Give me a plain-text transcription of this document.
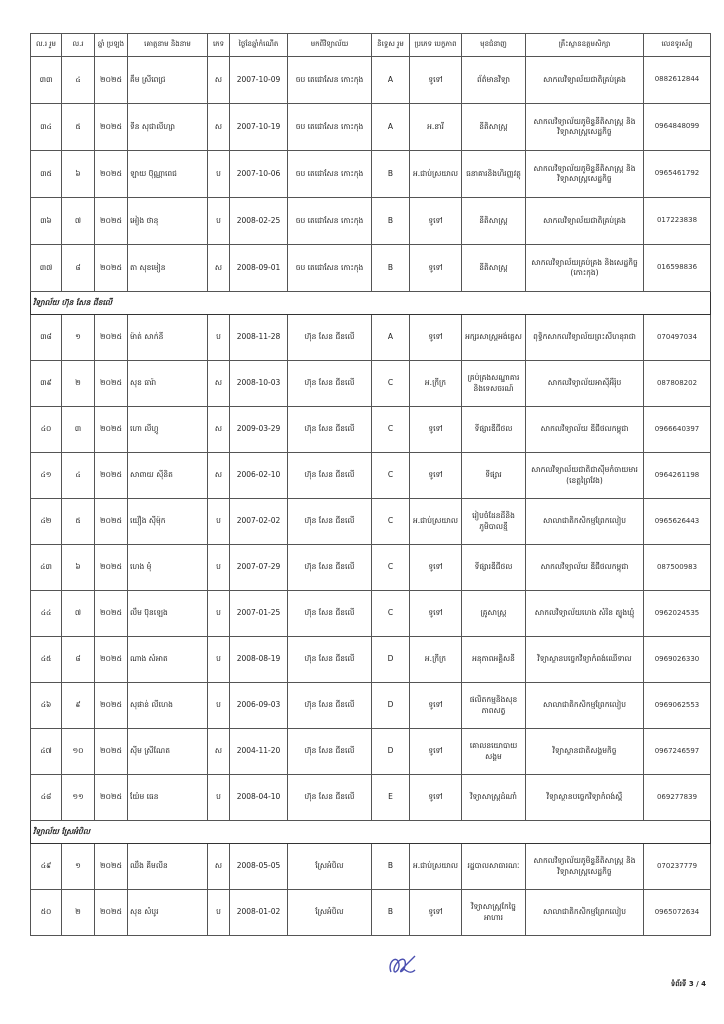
ល.រ រួម	ល.រ	ឆ្នាំ ប្រឡង	គោត្តនាម និងនាម	ភេទ	ថ្ងៃខែឆ្នាំកំណើត	មកពីវិទ្យាល័យ	និទ្ទេស រួម	ប្រភេទ បេក្ខភាព	មុខជំនាញ	គ្រឹះស្ថានឧត្តមសិក្សា	លេខទូរស័ព្ទ
៣៣	៤	២០២៥	គឹម ស្រីពេជ្រ	ស	2007-10-09	ចប តេជោសែន កោះកុង	A	ទូទៅ	ព័ត៌មានវិទ្យា	សាកលវិទ្យាល័យជាតិគ្រប់គ្រង	0882612844
៣៤	៥	២០២៥	ទីន សុជាលីហ្សា	ស	2007-10-19	ចប តេជោសែន កោះកុង	A	អ.នារី	នីតិសាស្ត្រ	សាកលវិទ្យាល័យភូមិន្ទនីតិសាស្ត្រ និងវិទ្យាសាស្ត្រសេដ្ឋកិច្ច	0964848099
៣៥	៦	២០២៥	ឡាយ ប៊ុណ្ណាពេជ	ប	2007-10-06	ចប តេជោសែន កោះកុង	B	អ.ជាប់ស្រយាល	ធនាគារនិងហិរញ្ញវត្ថុ	សាកលវិទ្យាល័យភូមិន្ទនីតិសាស្ត្រ និងវិទ្យាសាស្ត្រសេដ្ឋកិច្ច	0965461792
៣៦	៧	២០២៥	អៀង ថានុ	ប	2008-02-25	ចប តេជោសែន កោះកុង	B	ទូទៅ	នីតិសាស្ត្រ	សាកលវិទ្យាល័យជាតិគ្រប់គ្រង	017223838
៣៧	៨	២០២៥	តា សុខមៀន	ស	2008-09-01	ចប តេជោសែន កោះកុង	B	ទូទៅ	នីតិសាស្ត្រ	សាកលវិទ្យាល័យគ្រប់គ្រង និងសេដ្ឋកិច្ច (កោះកុង)	016598836
វិទ្យាល័យ ហ៊ុន សែន ជីខលើ											
៣៨	១	២០២៥	ម៉ាត់ សាក់នី	ប	2008-11-28	ហ៊ុន សែន ជីខលើ	A	ទូទៅ	អក្សរសាស្ត្រអង់គ្លេស	ពុទ្ធិកសាកលវិទ្យាល័យព្រះសីហនុរាជា	070497034
៣៩	២	២០២៥	សុខ ធារ៉ា	ស	2008-10-03	ហ៊ុន សែន ជីខលើ	C	អ.ក្រីក្រ	គ្រប់គ្រងសណ្ឋាគារនិងទេសចរណ៍	សាកលវិទ្យាល័យអាស៊ីអឺរ៉ុប	087808202
៤០	៣	២០២៥	ហោ លីហ្គូ	ស	2009-03-29	ហ៊ុន សែន ជីខលើ	C	ទូទៅ	ទីផ្សារឌីជីថល	សាកលវិទ្យាល័យ ឌីជីថលកម្ពុជា	0966640397
៤១	៤	២០២៥	សាពាយ ស៊ីនិត	ស	2006-02-10	ហ៊ុន សែន ជីខលើ	C	ទូទៅ	ទីផ្សារ	សាកលវិទ្យាល័យជាតិជាស៊ីមកំចាយមារ (ខេត្តព្រៃវែង)	0964261198
៤២	៥	២០២៥	យឿង ស៊ីម៉ុក	ប	2007-02-02	ហ៊ុន សែន ជីខលើ	C	អ.ជាប់ស្រយាល	រៀបចំដែនដីនិងភូមិបាលខ្មី	សាលាជាតិកសិកម្មព្រែកលៀប	0965626443
៤៣	៦	២០២៥	ហេង មុំ	ប	2007-07-29	ហ៊ុន សែន ជីខលើ	C	ទូទៅ	ទីផ្សារឌីជីថល	សាកលវិទ្យាល័យ ឌីជីថលកម្ពុជា	087500983
៤៤	៧	២០២៥	លឹម ប៊ុនឡេង	ប	2007-01-25	ហ៊ុន សែន ជីខលើ	C	ទូទៅ	គ្រូសាស្ត្រ	សាកលវិទ្យាល័យហេង សំរិន ត្បូងឃ្មុំ	0962024535
៤៥	៨	២០២៥	ណាង សំអាត	ប	2008-08-19	ហ៊ុន សែន ជីខលើ	D	អ.ក្រីក្រ	អនុភាពអគ្គិសនី	វិទ្យាស្ថានបច្ចេកវិទ្យាកំពង់ឈើទាល	0969026330
៤៦	៩	២០២៥	សុផាន់ លីហេង	ប	2006-09-03	ហ៊ុន សែន ជីខលើ	D	ទូទៅ	ផលិតកម្មនិងសុខភាពសត្វ	សាលាជាតិកសិកម្មព្រែកលៀប	0969062553
៤៧	១០	២០២៥	ស៊ីម ស្រីណែត	ស	2004-11-20	ហ៊ុន សែន ជីខលើ	D	ទូទៅ	គោលនយោបាយសង្គម	វិទ្យាស្ថានជាតិសង្គមកិច្ច	0967246597
៤៨	១១	២០២៥	យ៉ែម ធេន	ប	2008-04-10	ហ៊ុន សែន ជីខលើ	E	ទូទៅ	វិទ្យាសាស្ត្រដំណាំ	វិទ្យាស្ថានបច្ចេកវិទ្យាកំពង់ស្ពឺ	069277839
វិទ្យាល័យ ស្រែអំបិល											
៤៩	១	២០២៥	ឈឹង គីមលីន	ស	2008-05-05	ស្រែអំបិល	B	អ.ជាប់ស្រយាល	រដ្ឋបាលសាធារណៈ	សាកលវិទ្យាល័យភូមិន្ទនីតិសាស្ត្រ និងវិទ្យាសាស្ត្រសេដ្ឋកិច្ច	070237779
៥០	២	២០២៥	សុខ សំបូរ	ប	2008-01-02	ស្រែអំបិល	B	ទូទៅ	វិទ្យាសាស្ត្រកែច្នៃអាហារ	សាលាជាតិកសិកម្មព្រែកលៀប	0965072634
ទំព័រទី 3 / 4
